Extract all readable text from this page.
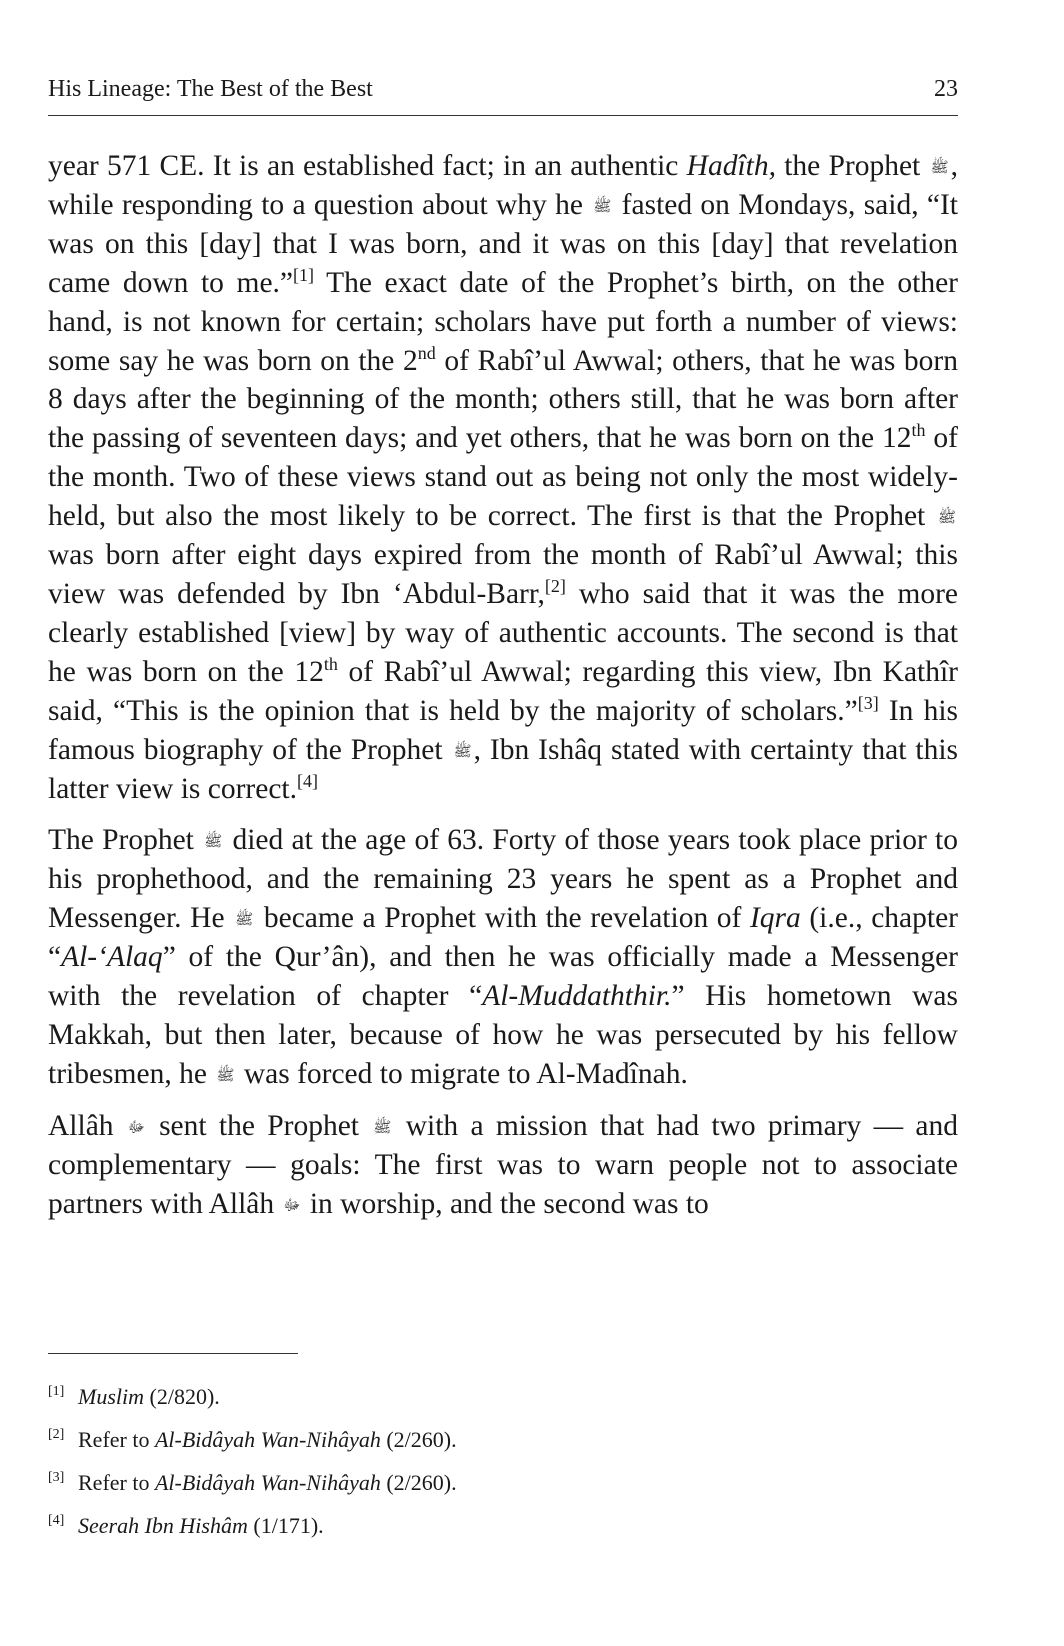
His Lineage: The Best of the Best	23

year 571 CE. It is an established fact; in an authentic Hadîth, the Prophet ﷺ, while responding to a question about why he ﷺ fasted on Mondays, said, “It was on this [day] that I was born, and it was on this [day] that revelation came down to me.”[1] The exact date of the Prophet’s birth, on the other hand, is not known for certain; scholars have put forth a number of views: some say he was born on the 2nd of Rabî’ul Awwal; others, that he was born 8 days after the beginning of the month; others still, that he was born after the passing of seventeen days; and yet others, that he was born on the 12th of the month. Two of these views stand out as being not only the most widely-held, but also the most likely to be correct. The first is that the Prophet ﷺ was born after eight days expired from the month of Rabî’ul Awwal; this view was defended by Ibn ‘Abdul-Barr,[2] who said that it was the more clearly established [view] by way of authentic accounts. The second is that he was born on the 12th of Rabî’ul Awwal; regarding this view, Ibn Kathîr said, “This is the opinion that is held by the majority of scholars.”[3] In his famous biography of the Prophet ﷺ, Ibn Ishâq stated with certainty that this latter view is correct.[4]

The Prophet ﷺ died at the age of 63. Forty of those years took place prior to his prophethood, and the remaining 23 years he spent as a Prophet and Messenger. He ﷺ became a Prophet with the revelation of Iqra (i.e., chapter “Al-‘Alaq” of the Qur’ân), and then he was officially made a Messenger with the revelation of chapter “Al-Muddaththir.” His hometown was Makkah, but then later, because of how he was persecuted by his fellow tribesmen, he ﷺ was forced to migrate to Al-Madînah.

Allâh ﷻ sent the Prophet ﷺ with a mission that had two primary — and complementary — goals: The first was to warn people not to associate partners with Allâh ﷻ in worship, and the second was to

[1] Muslim (2/820).

[2] Refer to Al-Bidâyah Wan-Nihâyah (2/260).

[3] Refer to Al-Bidâyah Wan-Nihâyah (2/260).

[4] Seerah Ibn Hishâm (1/171).
